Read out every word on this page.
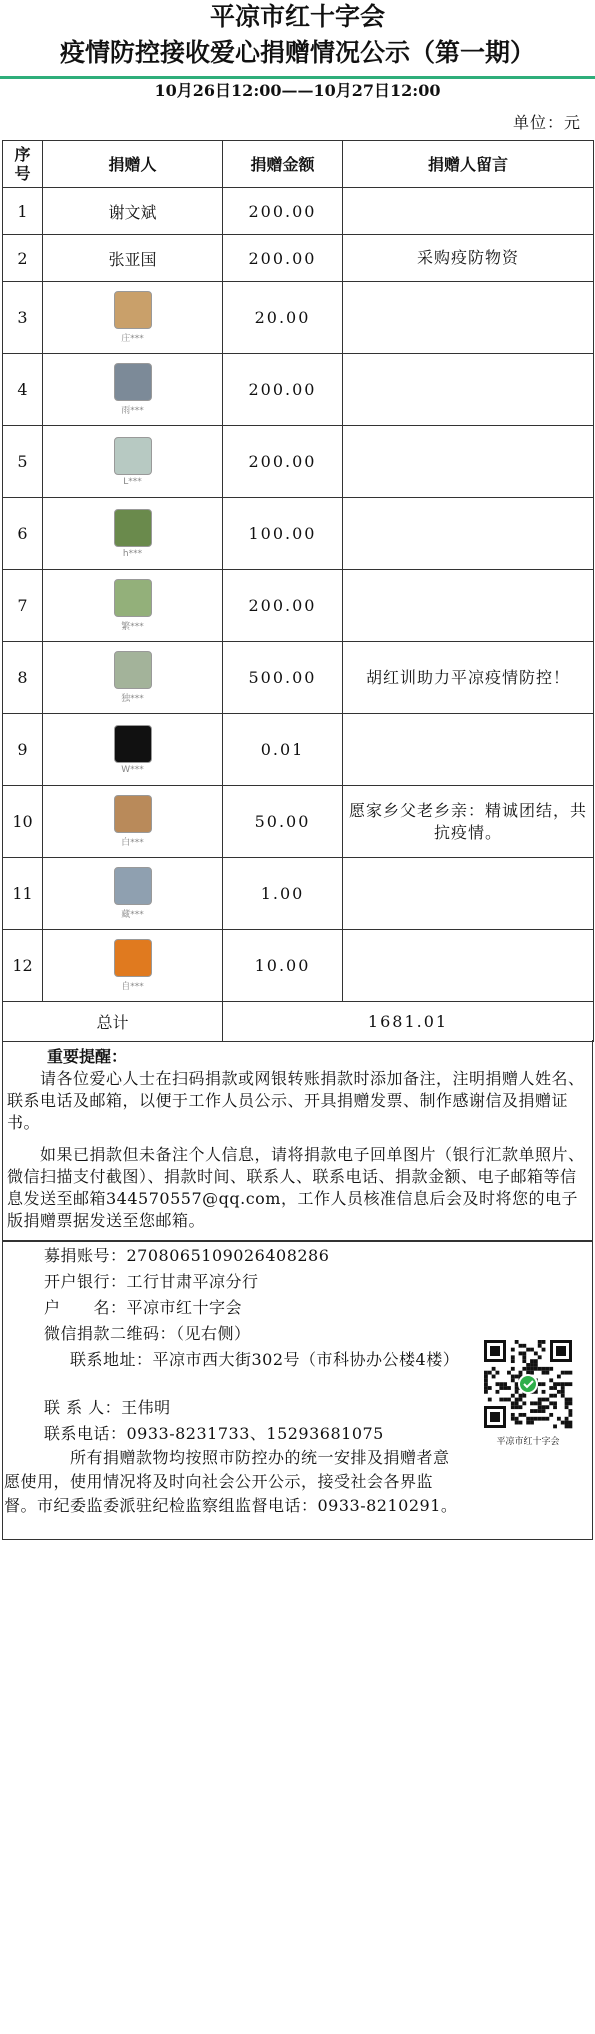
平凉市红十字会
疫情防控接收爱心捐赠情况公示（第一期）
10月26日12:00——10月27日12:00
单位：元
序号	捐赠人	捐赠金额	捐赠人留言
1	谢文斌	200.00	
2	张亚国	200.00	采购疫防物资
3	庄***	20.00	
4	雨***	200.00	
5	L***	200.00	
6	h***	100.00	
7	繁***	200.00	
8	独***	500.00	胡红训助力平凉疫情防控！
9	W***	0.01	
10	白***	50.00	愿家乡父老乡亲：精诚团结，共抗疫情。
11	藏***	1.00	
12	自***	10.00	
总计		1681.01	
重要提醒：
　　请各位爱心人士在扫码捐款或网银转账捐款时添加备注，注明捐赠人姓名、联系电话及邮箱，以便于工作人员公示、开具捐赠发票、制作感谢信及捐赠证书。
　　如果已捐款但未备注个人信息，请将捐款电子回单图片（银行汇款单照片、微信扫描支付截图）、捐款时间、联系人、联系电话、捐款金额、电子邮箱等信息发送至邮箱344570557@qq.com，工作人员核准信息后会及时将您的电子版捐赠票据发送至您邮箱。
募捐账号：2708065109026408286
开户银行：工行甘肃平凉分行
户　　名：平凉市红十字会
微信捐款二维码：（见右侧）
　　　　联系地址：平凉市西大街302号（市科协办公楼4楼）
联 系 人：王伟明
联系电话：0933-8231733、15293681075
　　　　所有捐赠款物均按照市防控办的统一安排及捐赠者意愿使用，使用情况将及时向社会公开公示，接受社会各界监督。市纪委监委派驻纪检监察组监督电话：0933-8210291。
平凉市红十字会
